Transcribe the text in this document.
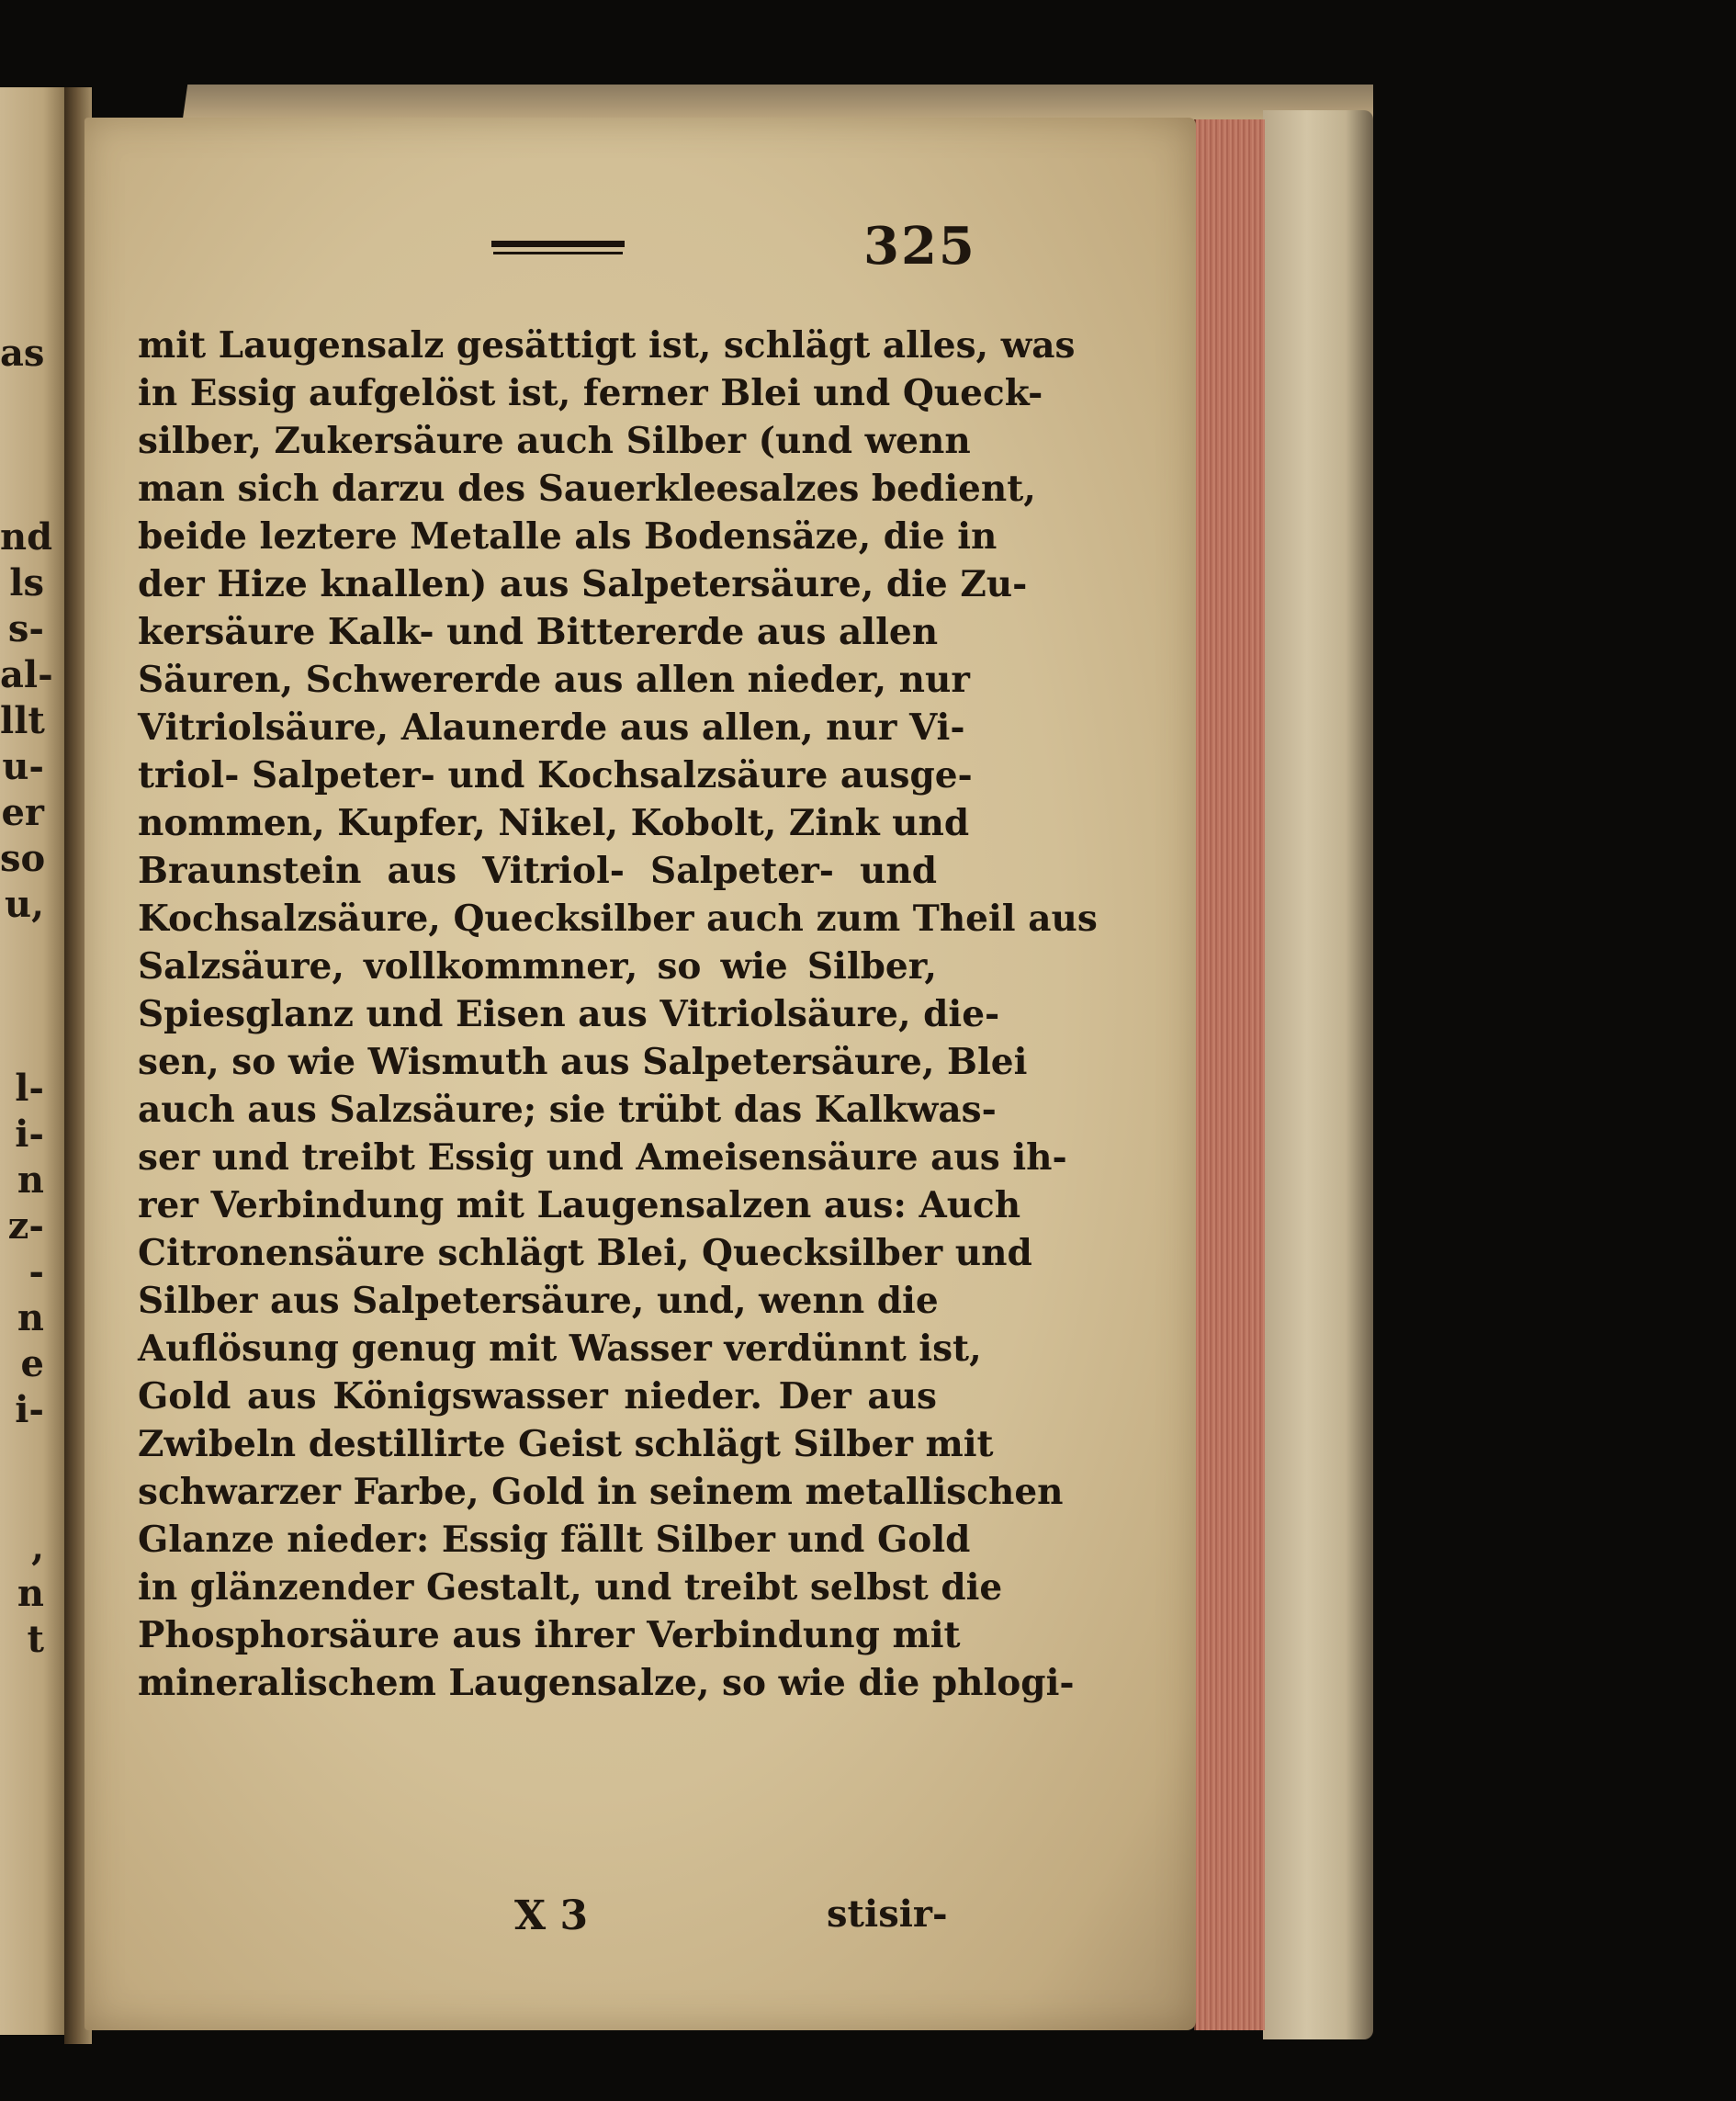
as
nd
ls
s-
al-
llt
u-
er
so
u,
l-
i-
n
z-
-
n
e
i-
,
n
t
325
mit Laugensalz gesättigt ist, schlägt alles, was
in Essig aufgelöst ist, ferner Blei und Queck-
silber, Zukersäure auch Silber (und wenn
man sich darzu des Sauerkleesalzes bedient,
beide leztere Metalle als Bodensäze, die in
der Hize knallen) aus Salpetersäure, die Zu-
kersäure Kalk- und Bittererde aus allen
Säuren, Schwererde aus allen nieder, nur
Vitriolsäure, Alaunerde aus allen, nur Vi-
triol- Salpeter- und Kochsalzsäure ausge-
nommen, Kupfer, Nikel, Kobolt, Zink und
Braunstein aus Vitriol- Salpeter- und
Kochsalzsäure, Quecksilber auch zum Theil aus
Salzsäure, vollkommner, so wie Silber,
Spiesglanz und Eisen aus Vitriolsäure, die-
sen, so wie Wismuth aus Salpetersäure, Blei
auch aus Salzsäure; sie trübt das Kalkwas-
ser und treibt Essig und Ameisensäure aus ih-
rer Verbindung mit Laugensalzen aus: Auch
Citronensäure schlägt Blei, Quecksilber und
Silber aus Salpetersäure, und, wenn die
Auflösung genug mit Wasser verdünnt ist,
Gold aus Königswasser nieder. Der aus
Zwibeln destillirte Geist schlägt Silber mit
schwarzer Farbe, Gold in seinem metallischen
Glanze nieder: Essig fällt Silber und Gold
in glänzender Gestalt, und treibt selbst die
Phosphorsäure aus ihrer Verbindung mit
mineralischem Laugensalze, so wie die phlogi-
X 3	stisir-
